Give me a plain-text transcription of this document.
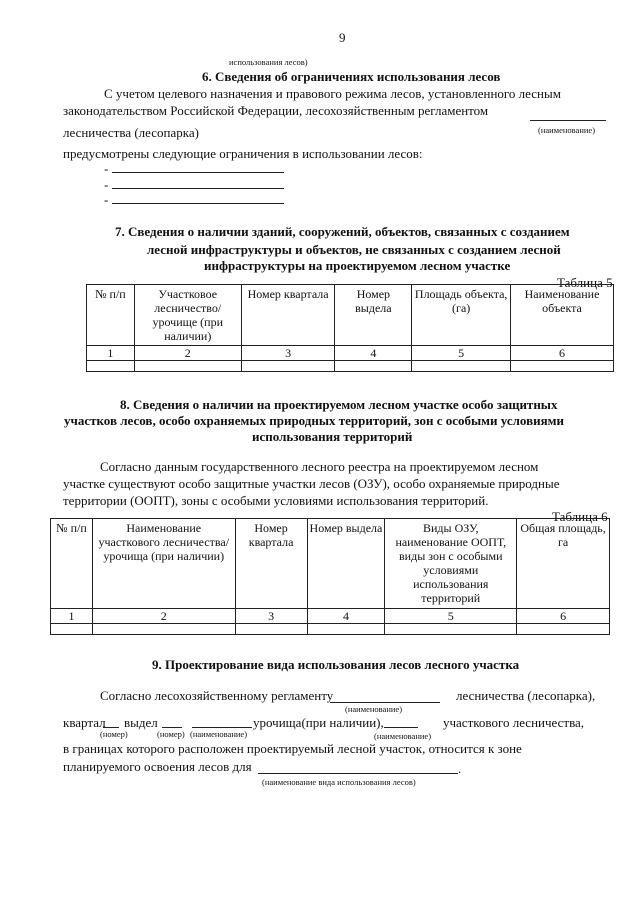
9
использования лесов)
6. Сведения об ограничениях использования лесов
С учетом целевого назначения и правового режима лесов, установленного лесным
законодательством Российской Федерации, лесохозяйственным регламентом
(наименование)
лесничества (лесопарка)
предусмотрены следующие ограничения в использовании лесов:
-
-
-
7. Сведения о наличии зданий, сооружений, объектов, связанных с созданием
лесной инфраструктуры и объектов, не связанных с созданием лесной
инфраструктуры на проектируемом лесном участке
Таблица 5
№ п/п	Участковое лесничество/ урочище (при наличии)	Номер квартала	Номер выдела	Площадь объекта, (га)	Наименование объекта
1	2	3	4	5	6

8. Сведения о наличии на проектируемом лесном участке особо защитных
участков лесов, особо охраняемых природных территорий, зон с особыми условиями
использования территорий
Согласно данным государственного лесного реестра на проектируемом лесном
участке существуют особо защитные участки лесов (ОЗУ), особо охраняемые природные
территории (ООПТ), зоны с особыми условиями использования территорий.
Таблица 6
№ п/п	Наименование участкового лесничества/урочища (при наличии)	Номер квартала	Номер выдела	Виды ОЗУ, наименование ООПТ, виды зон с особыми условиями использования территорий	Общая площадь, га
1	2	3	4	5	6

9. Проектирование вида использования лесов лесного участка
Согласно лесохозяйственному регламенту	лесничества (лесопарка),
(наименование)
квартал выдел	урочища(при наличии),	участкового лесничества,
(номер)	(номер) (наименование)	(наименование)
в границах которого расположен проектируемый лесной участок, относится к зоне
планируемого освоения лесов для	.
(наименование вида использования лесов)
